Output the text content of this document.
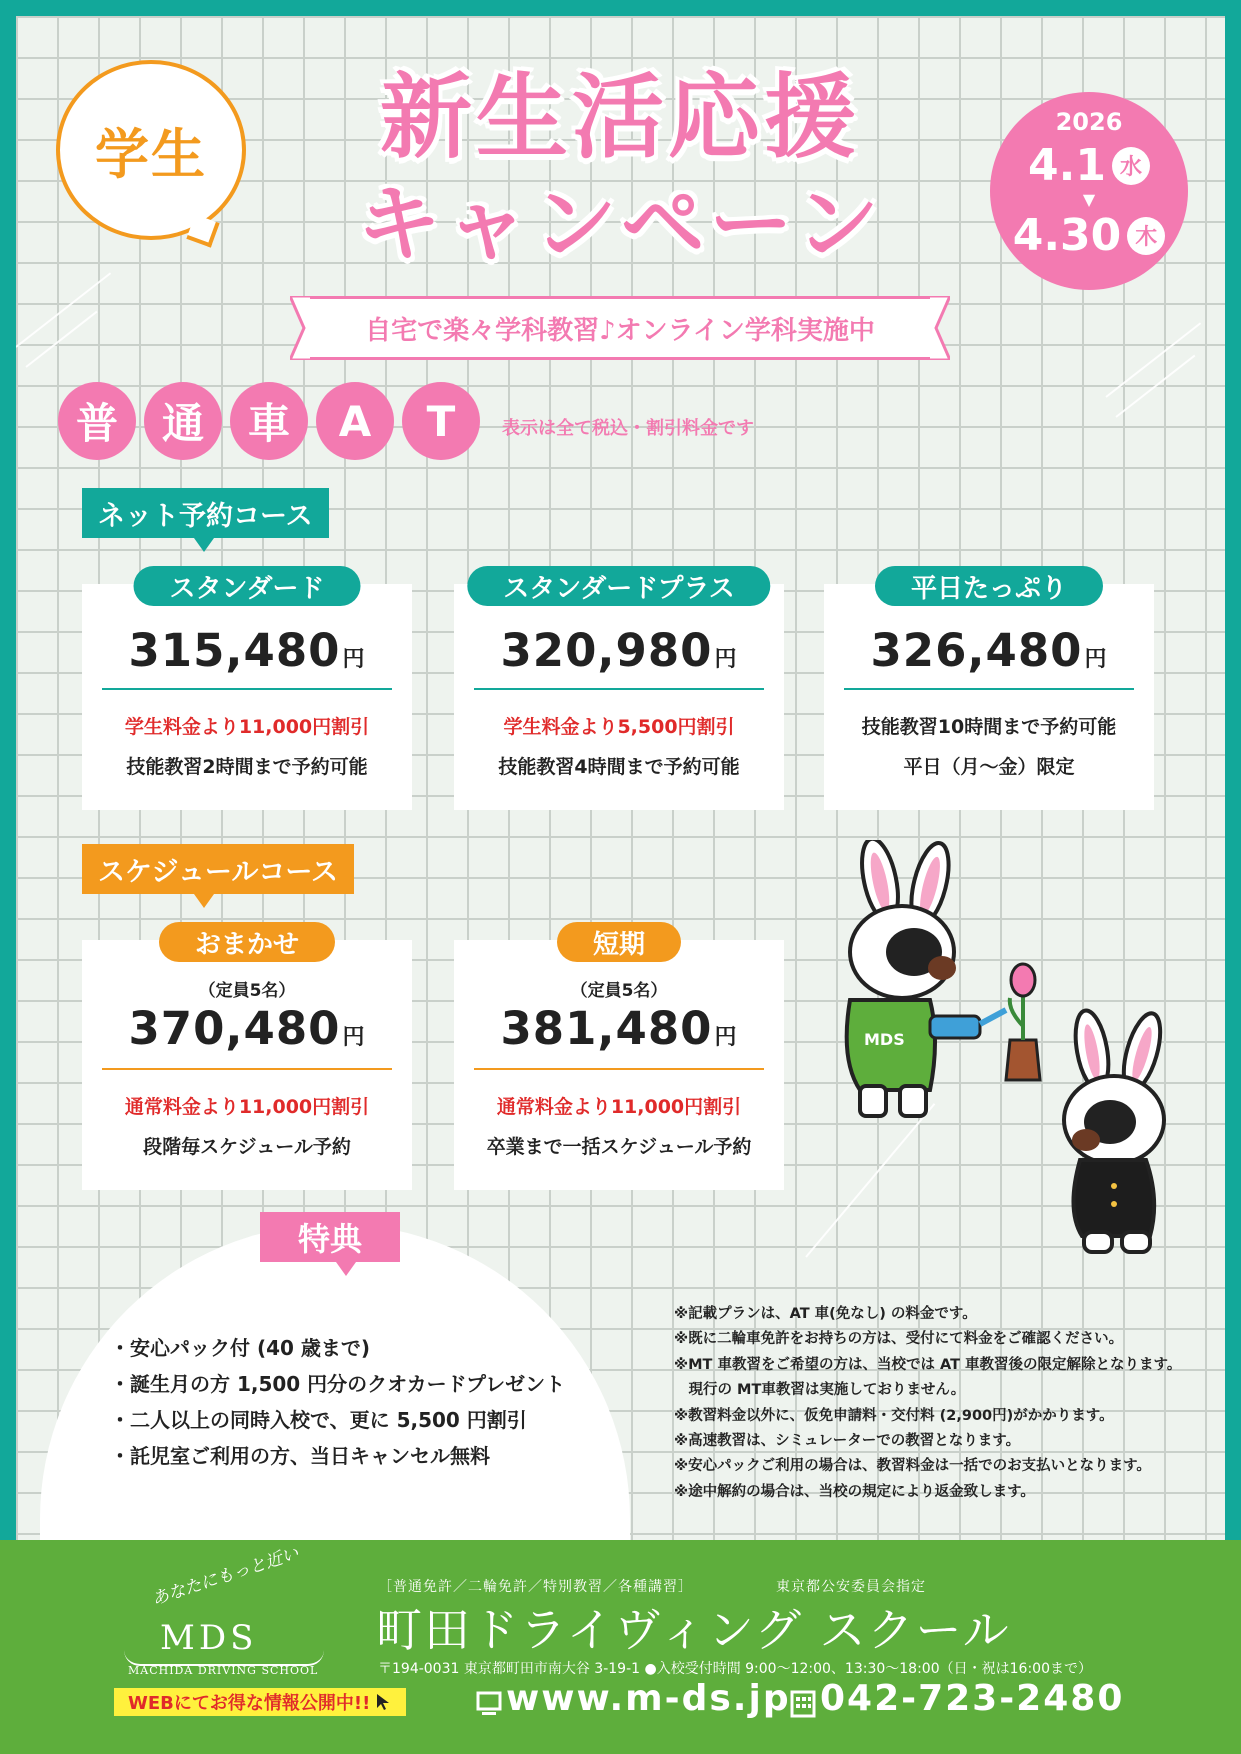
学生	新生活応援
キャンペーン
2026
4.1 水
▼
4.30 木
自宅で楽々学科教習♪オンライン学科実施中
普	通	車	A	T	表示は全て税込・割引料金です
ネット予約コース
スタンダード
315,480円
学生料金より11,000円割引
技能教習2時間まで予約可能
スタンダードプラス
320,980円
学生料金より5,500円割引
技能教習4時間まで予約可能
平日たっぷり
326,480円
技能教習10時間まで予約可能
平日（月～金）限定
スケジュールコース
おまかせ
（定員5名）
370,480円
通常料金より11,000円割引
段階毎スケジュール予約
短期
（定員5名）
381,480円
通常料金より11,000円割引
卒業まで一括スケジュール予約
MDS
特典
・安心パック付 (40 歳まで)
・誕生月の方 1,500 円分のクオカードプレゼント
・二人以上の同時入校で、更に 5,500 円割引
・託児室ご利用の方、当日キャンセル無料
※記載プランは、AT 車(免なし) の料金です。
※既に二輪車免許をお持ちの方は、受付にて料金をご確認ください。
※MT 車教習をご希望の方は、当校では AT 車教習後の限定解除となります。
　現行の MT車教習は実施しておりません。
※教習料金以外に、仮免申請料・交付料 (2,900円)がかかります。
※高速教習は、シミュレーターでの教習となります。
※安心パックご利用の場合は、教習料金は一括でのお支払いとなります。
※途中解約の場合は、当校の規定により返金致します。
あなたにもっと近い
MDS
MACHIDA DRIVING SCHOOL
［普通免許／二輪免許／特別教習／各種講習］	東京都公安委員会指定
町田ドライヴィング スクール
〒194-0031 東京都町田市南大谷 3-19-1 ●入校受付時間 9:00～12:00、13:30～18:00（日・祝は16:00まで）
WEBにてお得な情報公開中!!	www.m-ds.jp 042-723-2480
